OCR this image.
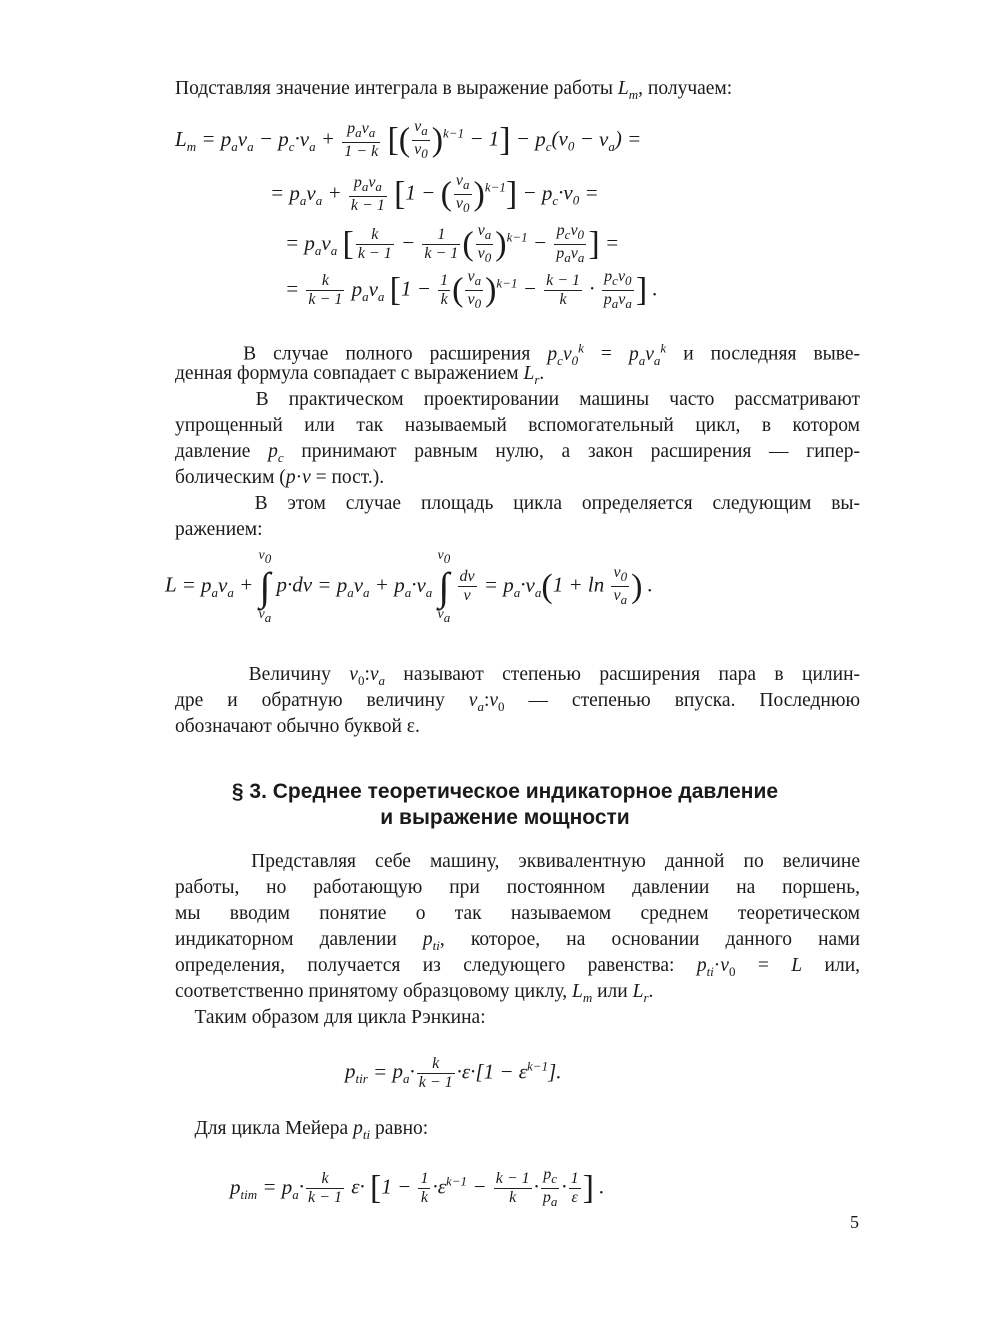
Подставляя значение интеграла в выражение работы $L_m$, получаем:
$L_m = p_av_a - p_c\cdot v_a + p_av_a$
1 − k [( $\frac{v_a}{v_0} )^{k-1} - 1] - p_c(v_0 - v_a)$ =
= $p_av_a + p_av_a$
k − 1 [1 − ( $\frac{v_a}{v_0} )^{k-1}] - p_c\cdot v_0$ =
= $p_av_a$ [ $\frac{k}{k - 1} - \frac{1}{k - 1}$ ( $\frac{v_a}{v_0} )^{k-1} - p_cv_0$
$p_av_a$ ] =
= $\frac{k}{k - 1} p_av_a$ [$1 - \frac{1}{k}$ ( $\frac{v_a}{v_0} )^{k-1} - \frac{k - 1}{k} \cdot p_cv_0$
$p_av_a$ ] .
В случае полного расширения $p_cv_0^k = p_av_a^k$ и последняя выве-
денная формула совпадает с выражением $L_r$.
В практическом проектировании машины часто рассматривают
упрощенный или так называемый вспомогательный цикл, в котором
давление $p_c$ принимают равным нулю, а закон расширения — гипер-
болическим (p·v = пост.).
В этом случае площадь цикла определяется следующим вы-
ражением:
$L = p_av_a + v_0$
∫
$v_a$ $p\cdot dv = p_av_a + p_a\cdot v_a$ $v_0$
∫
$v_a$
$\frac{dv}{v} = p_a\cdot v_a(1 + \ln \frac{v_0}{v_a}$ ) .
Величину $v_0:v_a$ называют степенью расширения пара в цилин-
дре и обратную величину $v_a:v_0$ — степенью впуска. Последнюю
обозначают обычно буквой ε.
§ 3. Среднее теоретическое индикаторное давление
и выражение мощности
Представляя себе машину, эквивалентную данной по величине
работы, но работающую при постоянном давлении на поршень,
мы вводим понятие о так называемом среднем теоретическом
индикаторном давлении $p_{ti}$, которое, на основании данного нами
определения, получается из следующего равенства: $p_{ti}\cdot v_0 = L$ или,
соответственно принятому образцовому циклу, $L_m$ или $L_r$.
Таким образом для цикла Рэнкина:
$p_{tir} = p_a\cdot \frac{k}{k - 1} \cdot\varepsilon\cdot[1 - \varepsilon^{k-1}]$.
Для цикла Мейера $p_{ti}$ равно:
$p_{tim} = p_a\cdot \frac{k}{k - 1} \varepsilon\cdot [1 - \frac{1}{k} \cdot\varepsilon^{k-1} - \frac{k - 1}{k} \cdot \frac{p_c}{p_a} \cdot \frac{1}{\varepsilon}$ ] .
5
